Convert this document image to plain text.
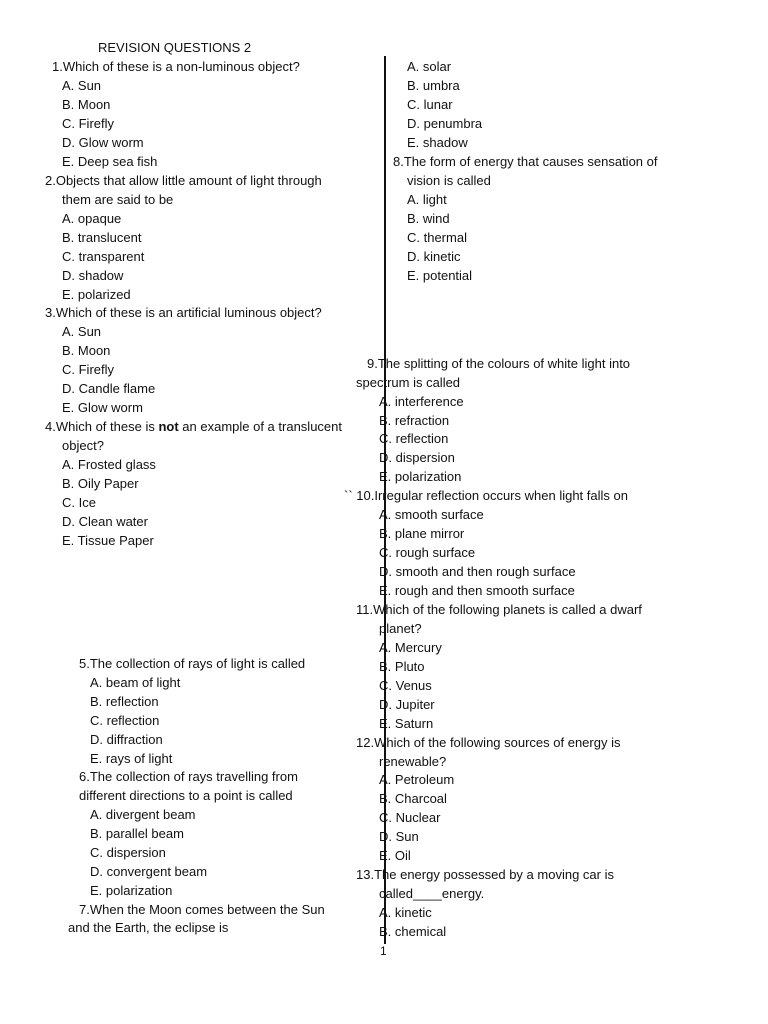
REVISION QUESTIONS 2
1.Which of these is a non-luminous object?
A. Sun
B. Moon
C. Firefly
D. Glow worm
E. Deep sea fish
2.Objects that allow little amount of light through
them are said to be
A. opaque
B. translucent
C. transparent
D. shadow
E. polarized
3.Which of these is an artificial luminous object?
A. Sun
B. Moon
C. Firefly
D. Candle flame
E. Glow worm
4.Which of these is not an example of a translucent
object?
A. Frosted glass
B. Oily Paper
C. Ice
D. Clean water
E. Tissue Paper
5.The collection of rays of light is called
A. beam of light
B. reflection
C. reflection
D. diffraction
E. rays of light
6.The collection of rays travelling from
different directions to a point is called
A. divergent beam
B. parallel beam
C. dispersion
D. convergent beam
E. polarization
7.When the Moon comes between the Sun
and the Earth, the eclipse is
A. solar
B. umbra
C. lunar
D. penumbra
E. shadow
8.The form of energy that causes sensation of
vision is called
A. light
B. wind
C. thermal
D. kinetic
E. potential
9.The splitting of the colours of white light into
spectrum is called
A. interference
B. refraction
C. reflection
D. dispersion
E. polarization
`` 10.Irregular reflection occurs when light falls on
A. smooth surface
B. plane mirror
C. rough surface
D. smooth and then rough surface
E. rough and then smooth surface
11.Which of the following planets is called a dwarf
planet?
A. Mercury
B. Pluto
C. Venus
D. Jupiter
E. Saturn
12.Which of the following sources of energy is
renewable?
A. Petroleum
B. Charcoal
C. Nuclear
D. Sun
E. Oil
13.The energy possessed by a moving car is
called____energy.
A. kinetic
B. chemical
1
